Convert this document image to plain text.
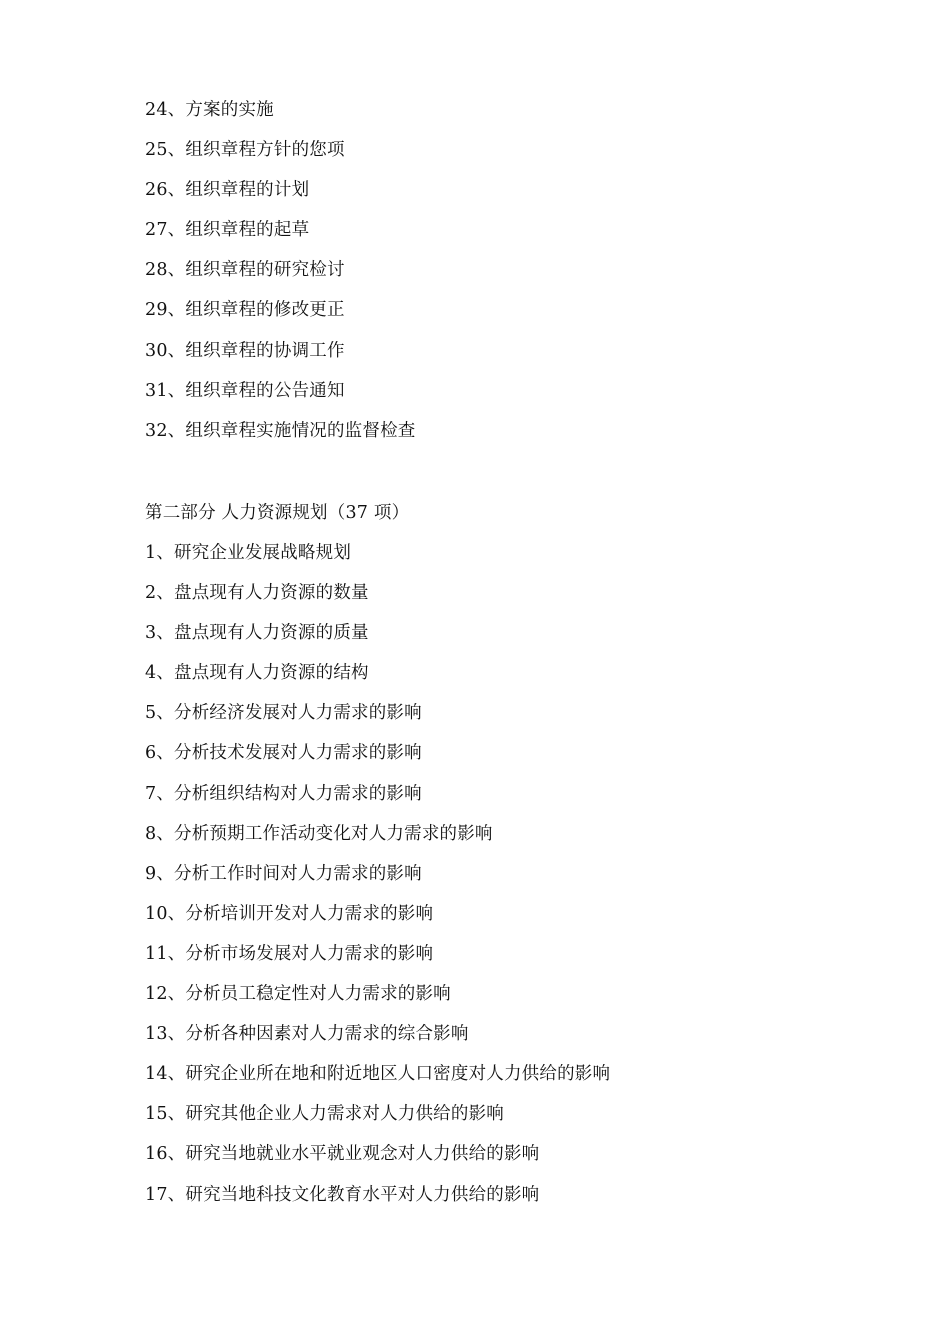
24、方案的实施
25、组织章程方针的您项
26、组织章程的计划
27、组织章程的起草
28、组织章程的研究检讨
29、组织章程的修改更正
30、组织章程的协调工作
31、组织章程的公告通知
32、组织章程实施情况的监督检查
第二部分 人力资源规划（37 项）
1、研究企业发展战略规划
2、盘点现有人力资源的数量
3、盘点现有人力资源的质量
4、盘点现有人力资源的结构
5、分析经济发展对人力需求的影响
6、分析技术发展对人力需求的影响
7、分析组织结构对人力需求的影响
8、分析预期工作活动变化对人力需求的影响
9、分析工作时间对人力需求的影响
10、分析培训开发对人力需求的影响
11、分析市场发展对人力需求的影响
12、分析员工稳定性对人力需求的影响
13、分析各种因素对人力需求的综合影响
14、研究企业所在地和附近地区人口密度对人力供给的影响
15、研究其他企业人力需求对人力供给的影响
16、研究当地就业水平就业观念对人力供给的影响
17、研究当地科技文化教育水平对人力供给的影响
